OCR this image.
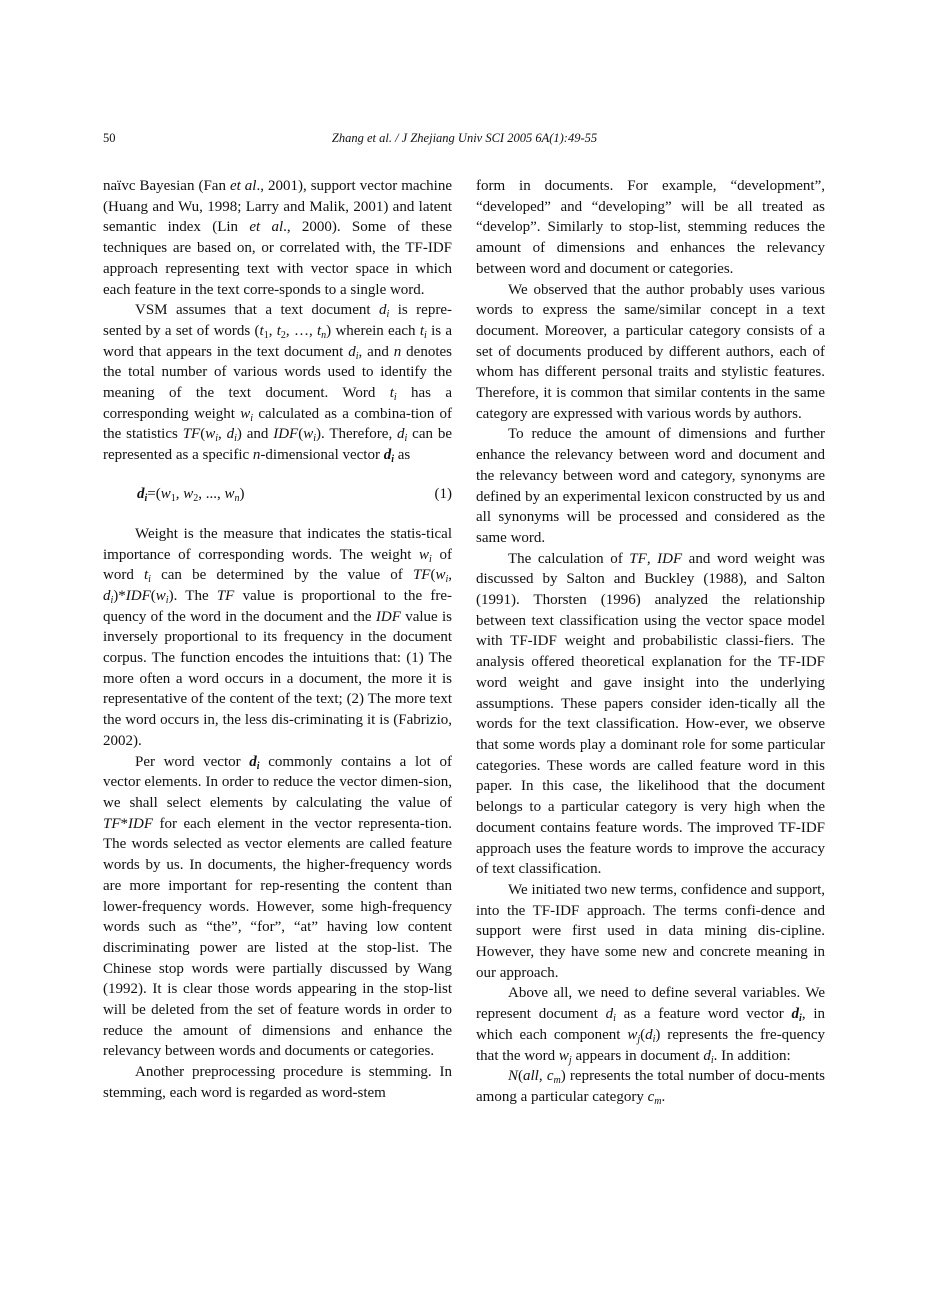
50	Zhang et al. / J Zhejiang Univ SCI 2005 6A(1):49-55

naïvc Bayesian (Fan et al., 2001), support vector machine (Huang and Wu, 1998; Larry and Malik, 2001) and latent semantic index (Lin et al., 2000). Some of these techniques are based on, or correlated with, the TF-IDF approach representing text with vector space in which each feature in the text corre-sponds to a single word.

VSM assumes that a text document $d_i$ is repre-sented by a set of words ($t_1$, $t_2$, …, $t_n$) wherein each $t_i$ is a word that appears in the text document $d_i$, and n denotes the total number of various words used to identify the meaning of the text document. Word $t_i$ has a corresponding weight $w_i$ calculated as a combina-tion of the statistics $TF(w_i$, $d_i$) and $IDF(w_i)$. Therefore, $d_i$ can be represented as a specific n-dimensional vector $d_i$ as

$d_i=(w_1$, $w_2$, ..., $w_n$)	(1)

Weight is the measure that indicates the statis-tical importance of corresponding words. The weight $w_i$ of word $t_i$ can be determined by the value of $TF(w_i$, $d_i)*IDF(w_i)$. The TF value is proportional to the fre-quency of the word in the document and the IDF value is inversely proportional to its frequency in the document corpus. The function encodes the intuitions that: (1) The more often a word occurs in a document, the more it is representative of the content of the text; (2) The more text the word occurs in, the less dis-criminating it is (Fabrizio, 2002).

Per word vector $d_i$ commonly contains a lot of vector elements. In order to reduce the vector dimen-sion, we shall select elements by calculating the value of TF*IDF for each element in the vector representa-tion. The words selected as vector elements are called feature words by us. In documents, the higher-frequency words are more important for rep-resenting the content than lower-frequency words. However, some high-frequency words such as “the”, “for”, “at” having low content discriminating power are listed at the stop-list. The Chinese stop words were partially discussed by Wang (1992). It is clear those words appearing in the stop-list will be deleted from the set of feature words in order to reduce the amount of dimensions and enhance the relevancy between words and documents or categories.

Another preprocessing procedure is stemming. In stemming, each word is regarded as word-stem

form in documents. For example, “development”, “developed” and “developing” will be all treated as “develop”. Similarly to stop-list, stemming reduces the amount of dimensions and enhances the relevancy between word and document or categories.

We observed that the author probably uses various words to express the same/similar concept in a text document. Moreover, a particular category consists of a set of documents produced by different authors, each of whom has different personal traits and stylistic features. Therefore, it is common that similar contents in the same category are expressed with various words by authors.

To reduce the amount of dimensions and further enhance the relevancy between word and document and the relevancy between word and category, synonyms are defined by an experimental lexicon constructed by us and all synonyms will be processed and considered as the same word.

The calculation of TF, IDF and word weight was discussed by Salton and Buckley (1988), and Salton (1991). Thorsten (1996) analyzed the relationship between text classification using the vector space model with TF-IDF weight and probabilistic classi-fiers. The analysis offered theoretical explanation for the TF-IDF word weight and gave insight into the underlying assumptions. These papers consider iden-tically all the words for the text classification. How-ever, we observe that some words play a dominant role for some particular categories. These words are called feature word in this paper. In this case, the likelihood that the document belongs to a particular category is very high when the document contains feature words. The improved TF-IDF approach uses the feature words to improve the accuracy of text classification.

We initiated two new terms, confidence and support, into the TF-IDF approach. The terms confi-dence and support were first used in data mining dis-cipline. However, they have some new and concrete meaning in our approach.

Above all, we need to define several variables. We represent document $d_i$ as a feature word vector $d_i$, in which each component $w_j(d_i)$ represents the fre-quency that the word $w_j$ appears in document $d_i$. In addition:

N(all, $c_m$) represents the total number of docu-ments among a particular category $c_m$.
